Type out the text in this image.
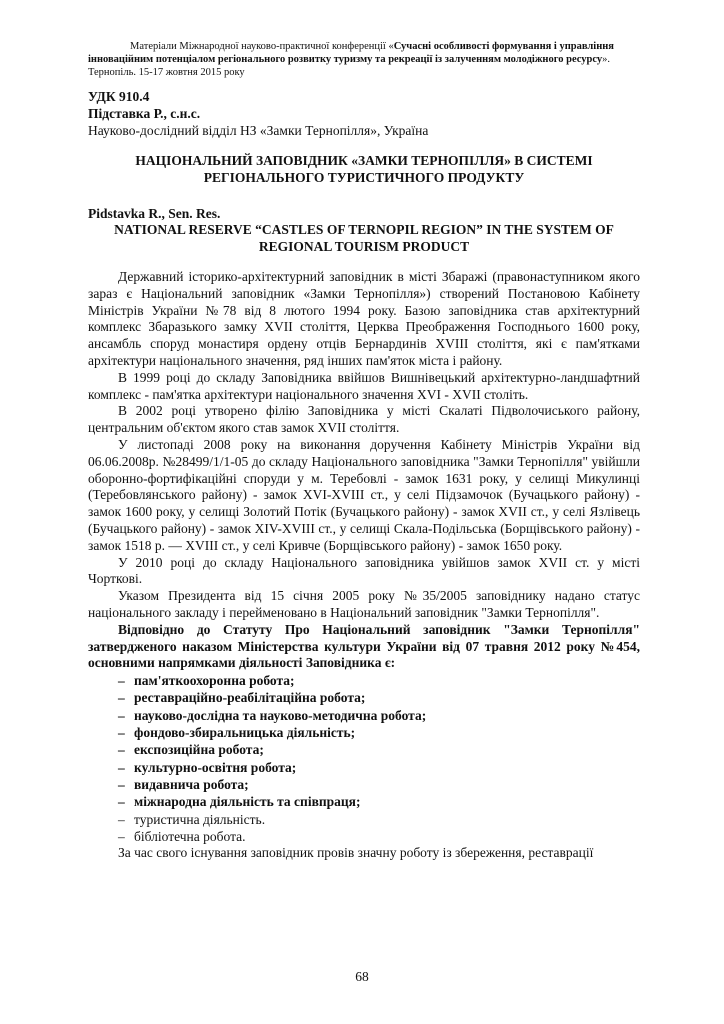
Матеріали Міжнародної науково-практичної конференції «Сучасні особливості формування і управління
інноваційним потенціалом регіонального розвитку туризму та рекреації із залученням молодіжного ресурсу».
Тернопіль. 15-17 жовтня 2015 року
УДК 910.4
Підставка Р., с.н.с.
Науково-дослідний відділ НЗ «Замки Тернопілля», Україна
НАЦІОНАЛЬНИЙ ЗАПОВІДНИК «ЗАМКИ ТЕРНОПІЛЛЯ» В СИСТЕМІ РЕГІОНАЛЬНОГО ТУРИСТИЧНОГО ПРОДУКТУ
Pidstavka R., Sen. Res.
NATIONAL RESERVE “CASTLES OF TERNOPIL REGION” IN THE SYSTEM OF REGIONAL TOURISM PRODUCT

Державний історико-архітектурний заповідник в місті Збаражі (правонаступником якого зараз є Національний заповідник «Замки Тернопілля») створений Постановою Кабінету Міністрів України №78 від 8 лютого 1994 року. Базою заповідника став архітектурний комплекс Збаразького замку XVII століття, Церква Преображення Господнього 1600 року, ансамбль споруд монастиря ордену отців Бернардинів XVIII століття, які є пам'ятками архітектури національного значення, ряд інших пам'яток міста і району.

В 1999 році до складу Заповідника ввійшов Вишнівецький архітектурно-ландшафтний комплекс - пам'ятка архітектури національного значення XVI - XVII століть.

В 2002 році утворено філію Заповідника у місті Скалаті Підволочиського району, центральним об'єктом якого став замок XVII століття.

У листопаді 2008 року на виконання доручення Кабінету Міністрів України від 06.06.2008р. №28499/1/1-05 до складу Національного заповідника "Замки Тернопілля" увійшли оборонно-фортифікаційні споруди у м. Теребовлі - замок 1631 року, у селищі Микулинці (Теребовлянського району) - замок XVI-XVIII ст., у селі Підзамочок (Бучацького району) - замок 1600 року, у селищі Золотий Потік (Бучацького району) - замок XVII ст., у селі Язлівець (Бучацького району) - замок XIV-XVIII ст., у селищі Скала-Подільська (Борщівського району) - замок 1518 р. — XVIII ст., у селі Кривче (Борщівського району) - замок 1650 року.

У 2010 році до складу Національного заповідника увійшов замок XVII ст. у місті Чорткові.

Указом Президента від 15 січня 2005 року №35/2005 заповіднику надано статус національного закладу і перейменовано в Національний заповідник "Замки Тернопілля".

Відповідно до Статуту Про Національний заповідник "Замки Тернопілля" затвердженого наказом Міністерства культури України від 07 травня 2012 року №454, основними напрямками діяльності Заповідника є:

– пам'яткоохоронна робота;
– реставраційно-реабілітаційна робота;
– науково-дослідна та науково-методична робота;
– фондово-збиральницька діяльність;
– експозиційна робота;
– культурно-освітня робота;
– видавнича робота;
– міжнародна діяльність та співпраця;
– туристична діяльність.
– бібліотечна робота.

За час свого існування заповідник провів значну роботу із збереження, реставрації

68
